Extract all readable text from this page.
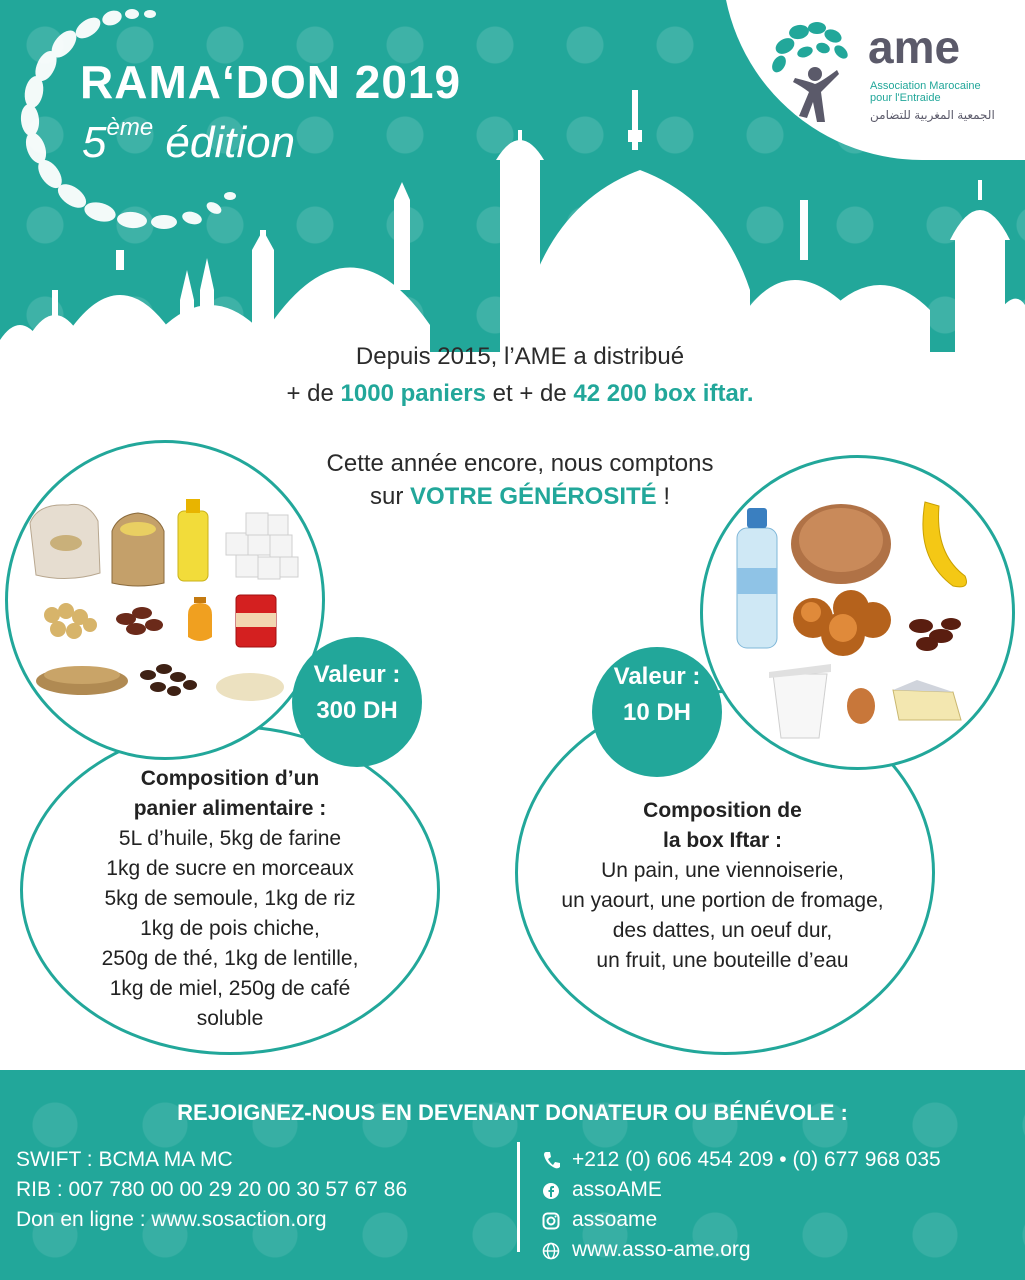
RAMA‘DON 2019

5ème édition

ame

Association Marocaine

pour l'Entraide

الجمعية المغربية للتضامن

Depuis 2015, l’AME a distribué

+ de 1000 paniers et + de 42 200 box iftar.

Cette année encore, nous comptons

sur VOTRE GÉNÉROSITÉ !

Valeur :
300 DH
Composition d’un
panier alimentaire :
5L d’huile, 5kg de farine
1kg de sucre en morceaux
5kg de semoule, 1kg de riz
1kg de pois chiche,
250g de thé, 1kg de lentille,
1kg de miel, 250g de café
soluble
Valeur :
10 DH
Composition de
la box Iftar :
Un pain, une viennoiserie,
un yaourt, une portion de fromage,
des dattes, un oeuf dur,
un fruit, une bouteille d’eau

REJOIGNEZ-NOUS EN DEVENANT DONATEUR OU BÉNÉVOLE :

SWIFT : BCMA MA MC

RIB : 007 780 00 00 29 20 00 30 57 67 86

Don en ligne : www.sosaction.org

+212 (0) 606 454 209 • (0) 677 968 035

assoAME

assoame

www.asso-ame.org
